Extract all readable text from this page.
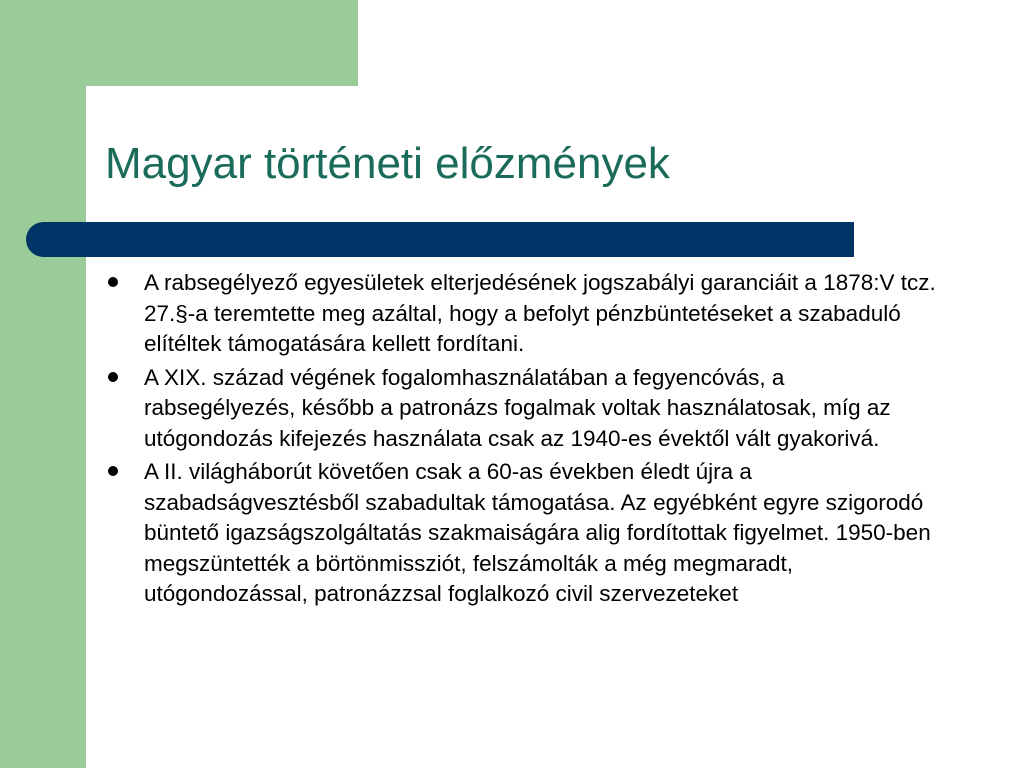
Magyar történeti előzmények
A rabsegélyező egyesületek elterjedésének jogszabályi garanciáit a 1878:V tcz. 27.§-a teremtette meg azáltal, hogy a befolyt pénzbüntetéseket a szabaduló elítéltek támogatására kellett fordítani.
A XIX. század végének fogalomhasználatában a fegyencóvás, a rabsegélyezés, később a patronázs fogalmak voltak használatosak, míg az utógondozás kifejezés használata csak az 1940-es évektől vált gyakorivá.
A II. világháborút követően csak a 60-as években éledt újra a szabadságvesztésből szabadultak támogatása. Az egyébként egyre szigorodó büntető igazságszolgáltatás szakmaiságára alig fordítottak figyelmet. 1950-ben megszüntették a börtönmissziót, felszámolták a még megmaradt, utógondozással, patronázzsal foglalkozó civil szervezeteket
